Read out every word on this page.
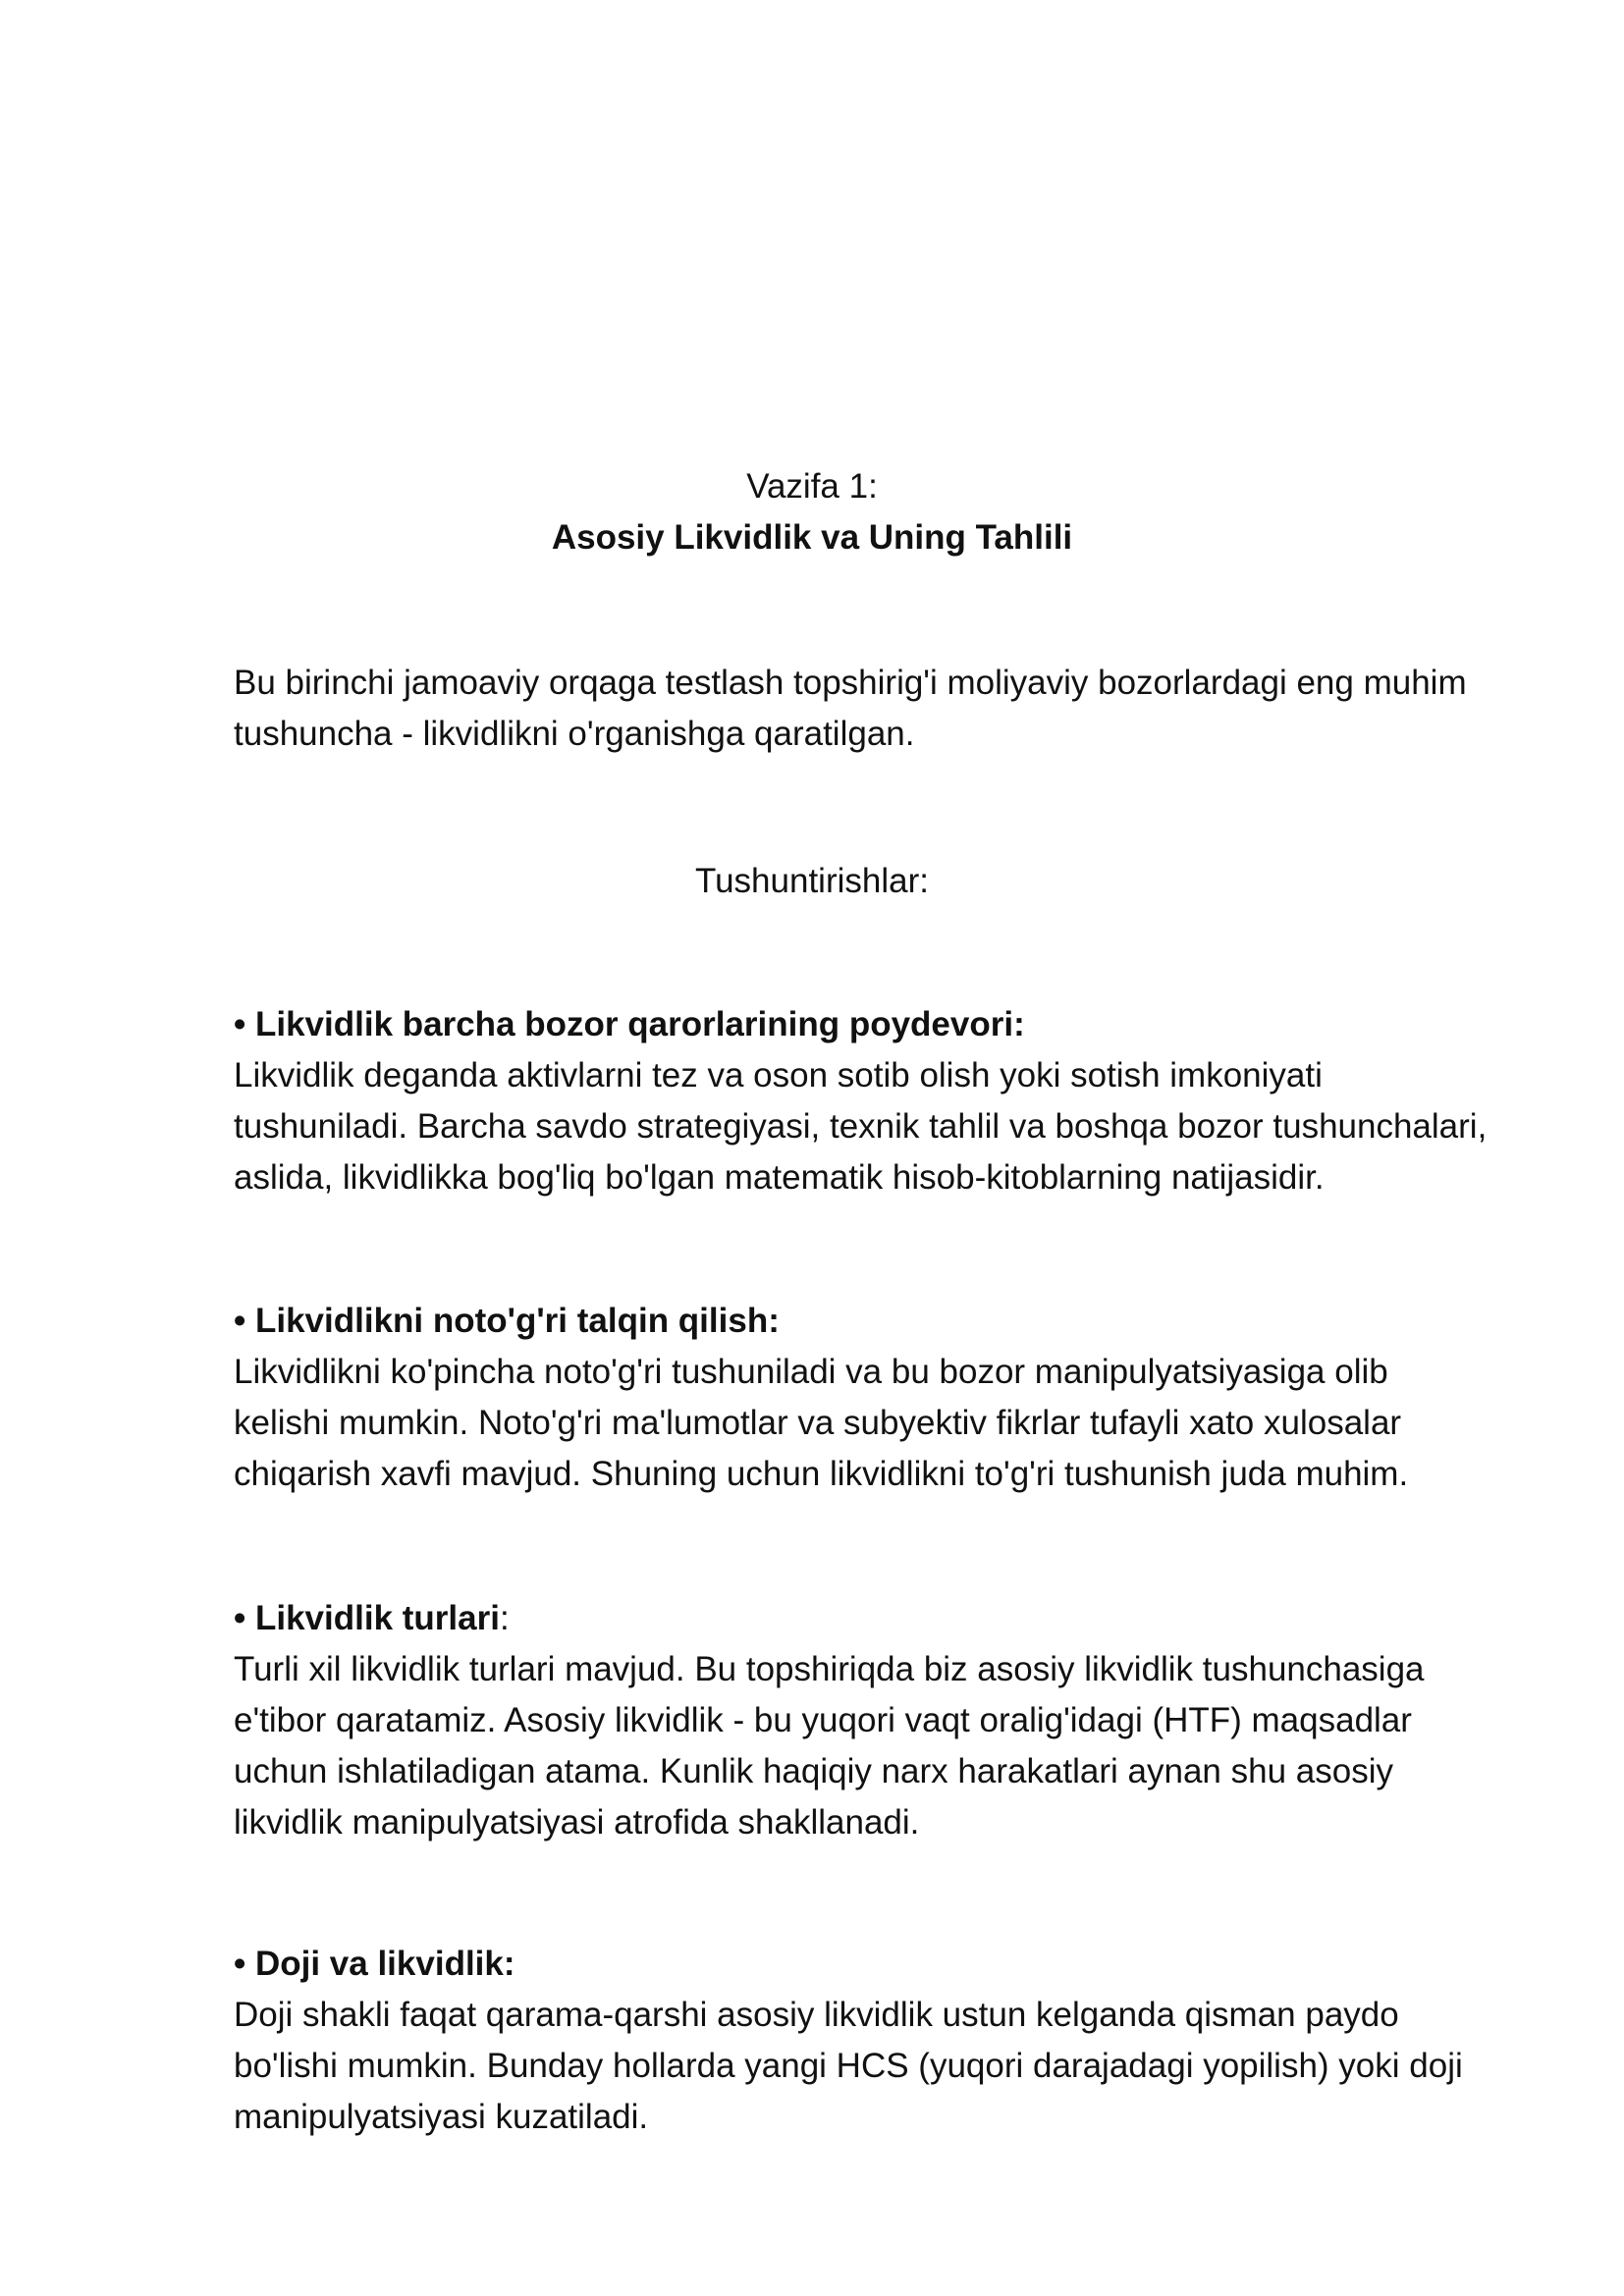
Vazifa 1:
Asosiy Likvidlik va Uning Tahlili

Bu birinchi jamoaviy orqaga testlash topshirig'i moliyaviy bozorlardagi eng muhim

tushuncha - likvidlikni o'rganishga qaratilgan.

Tushuntirishlar:

• Likvidlik barcha bozor qarorlarining poydevori:

Likvidlik deganda aktivlarni tez va oson sotib olish yoki sotish imkoniyati

tushuniladi. Barcha savdo strategiyasi, texnik tahlil va boshqa bozor tushunchalari,

aslida, likvidlikka bog'liq bo'lgan matematik hisob-kitoblarning natijasidir.

• Likvidlikni noto'g'ri talqin qilish:

Likvidlikni ko'pincha noto'g'ri tushuniladi va bu bozor manipulyatsiyasiga olib

kelishi mumkin. Noto'g'ri ma'lumotlar va subyektiv fikrlar tufayli xato xulosalar

chiqarish xavfi mavjud. Shuning uchun likvidlikni to'g'ri tushunish juda muhim.

• Likvidlik turlari:

Turli xil likvidlik turlari mavjud. Bu topshiriqda biz asosiy likvidlik tushunchasiga

e'tibor qaratamiz. Asosiy likvidlik - bu yuqori vaqt oralig'idagi (HTF) maqsadlar

uchun ishlatiladigan atama. Kunlik haqiqiy narx harakatlari aynan shu asosiy

likvidlik manipulyatsiyasi atrofida shakllanadi.

• Doji va likvidlik:

Doji shakli faqat qarama-qarshi asosiy likvidlik ustun kelganda qisman paydo

bo'lishi mumkin. Bunday hollarda yangi HCS (yuqori darajadagi yopilish) yoki doji

manipulyatsiyasi kuzatiladi.
